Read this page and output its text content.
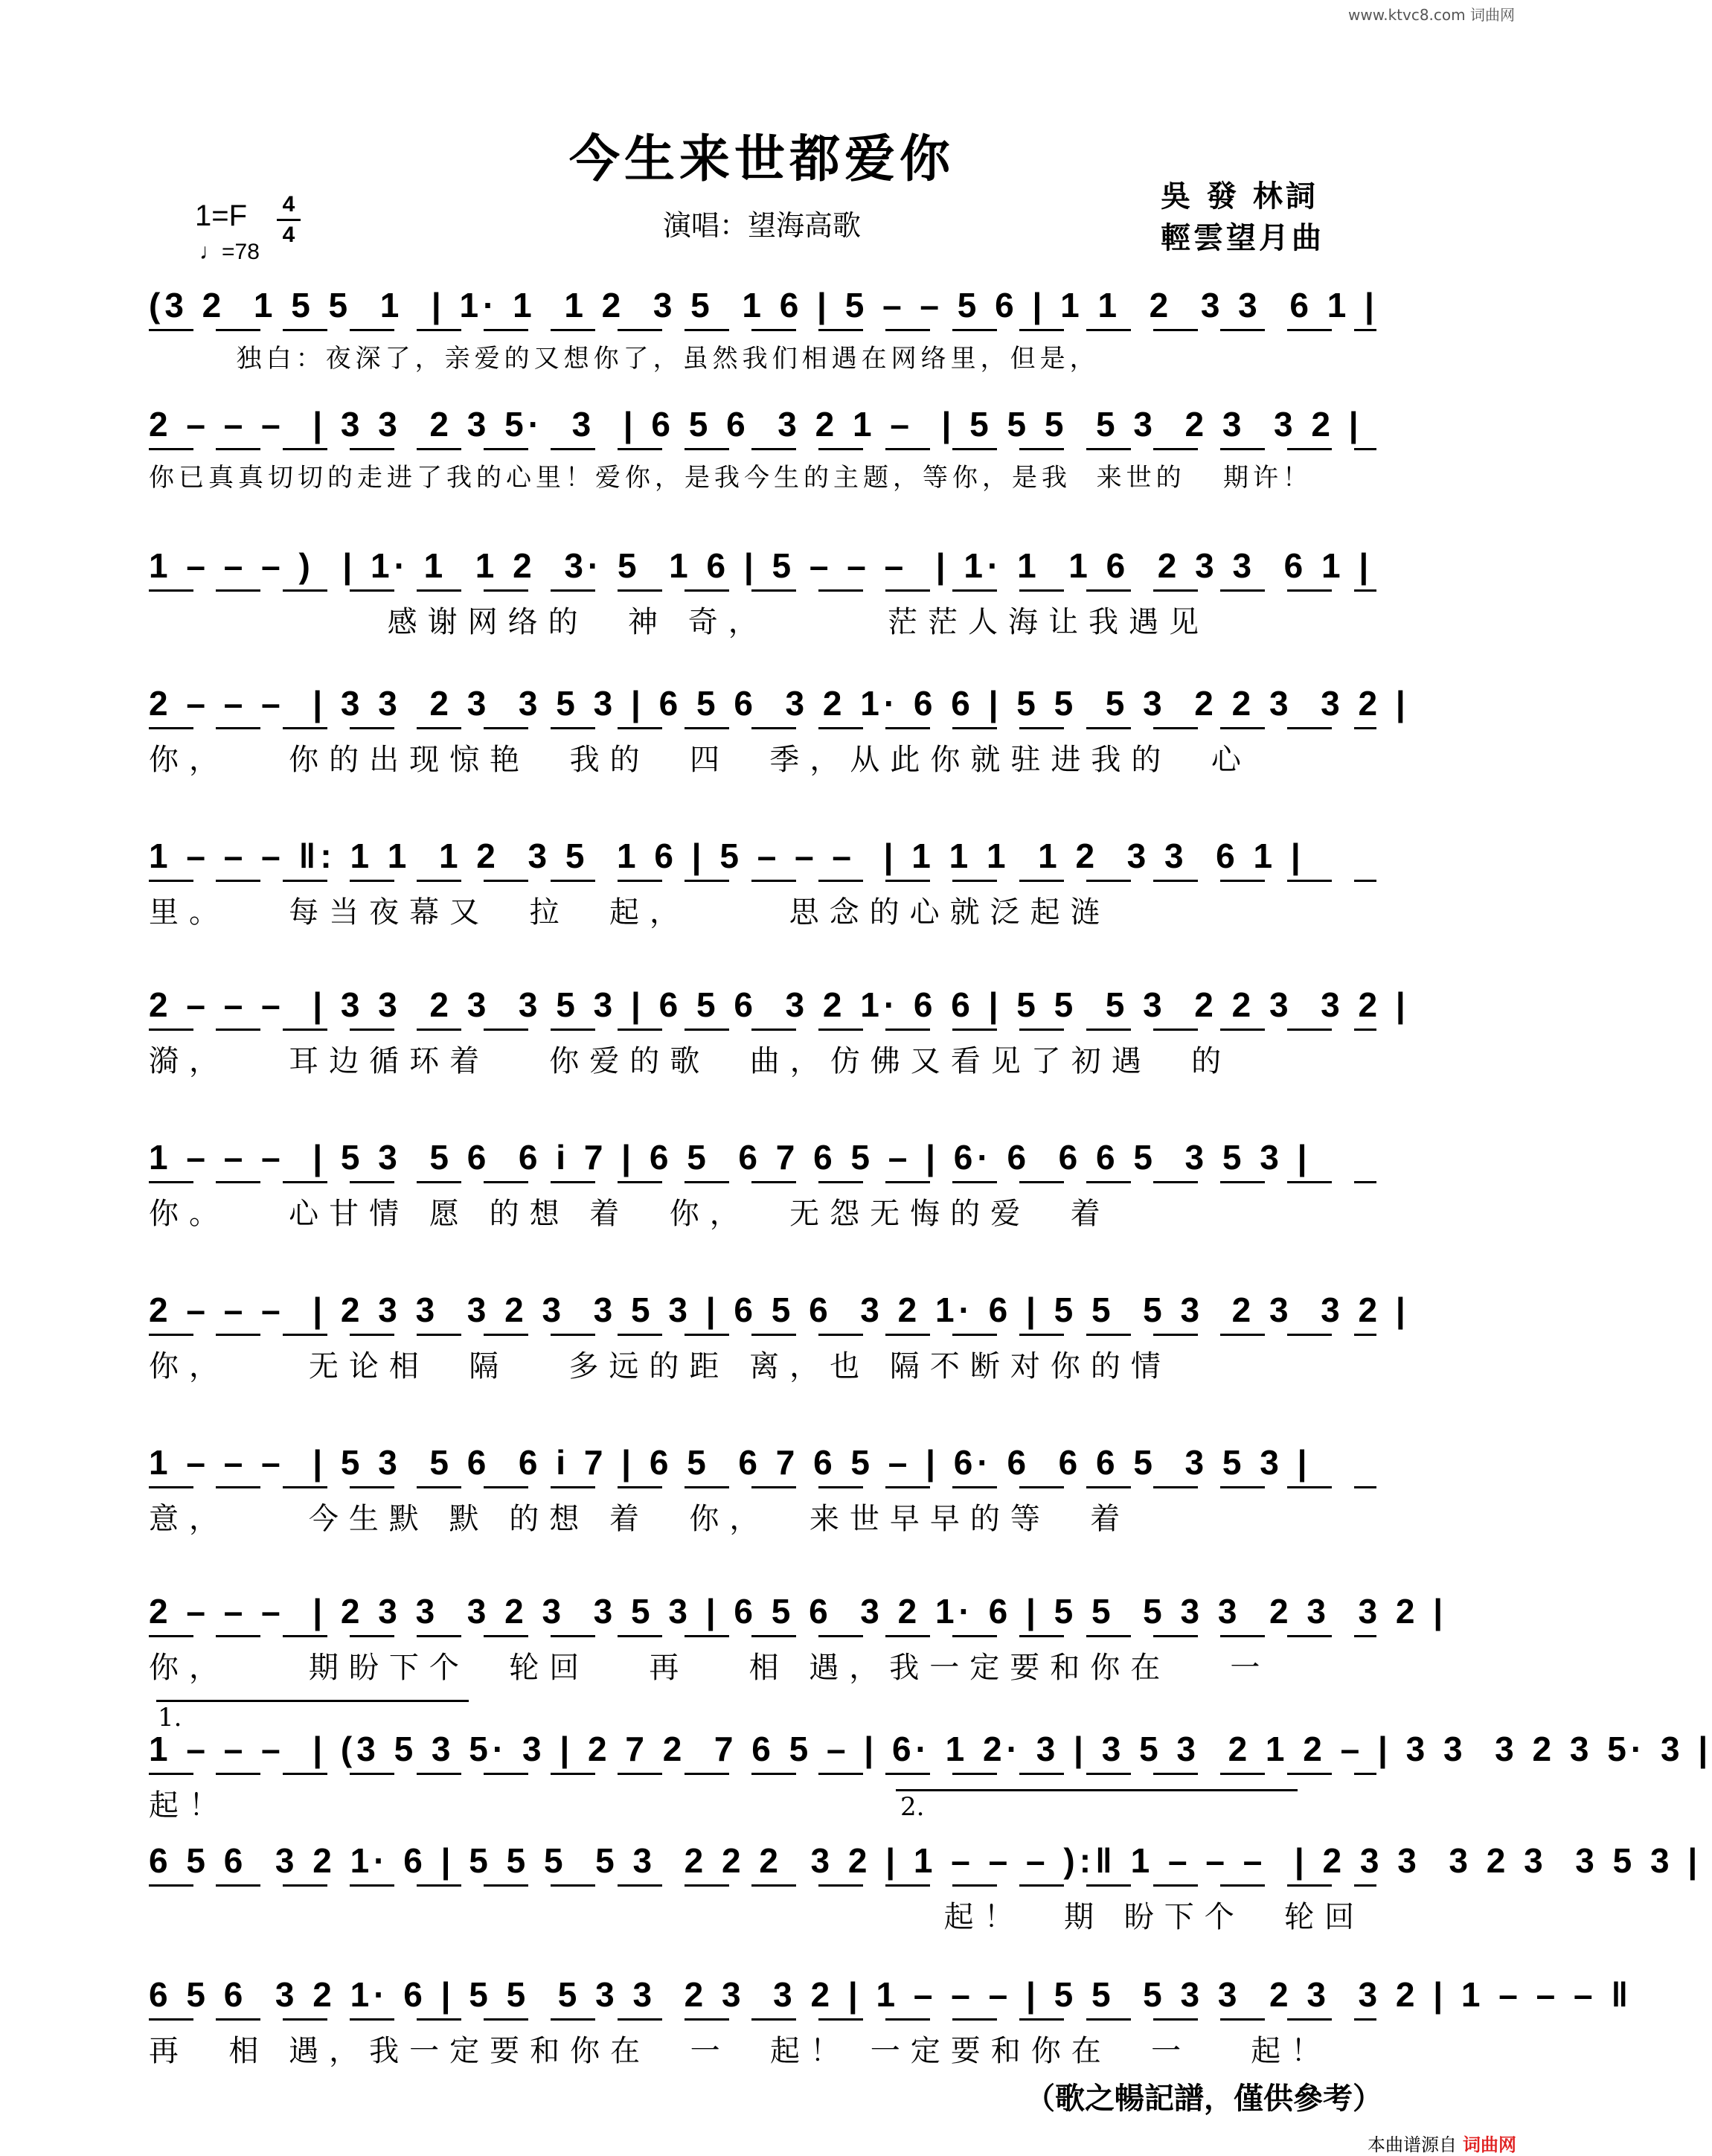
www.ktvc8.com 词曲网
今生来世都爱你
演唱：望海高歌
吳 發 林詞
輕雲望月曲
1=F	4
4
♩=78
(3 2  1 5 5  1  | 1· 1  1 2  3 5  1 6 | 5 – – 5 6 | 1 1  2  3 3  6 1 |
独白：夜深了，亲爱的又想你了，虽然我们相遇在网络里，但是，
2 – – –  | 3 3  2 3 5·  3  | 6 5 6  3 2 1 –  | 5 5 5  5 3  2 3  3 2 |
你已真真切切的走进了我的心里！爱你，是我今生的主题，等你，是我  来世的   期许！
1 – – – )  | 1· 1  1 2  3· 5  1 6 | 5 – – –  | 1· 1  1 6  2 3 3  6 1 |
感谢网络的  神 奇，      茫茫人海让我遇见
2 – – –  | 3 3  2 3  3 5 3 | 6 5 6  3 2 1· 6 6 | 5 5  5 3  2 2 3  3 2 |
你，   你的出现惊艳  我的  四  季，从此你就驻进我的  心
1 – – – ‖: 1 1  1 2  3 5  1 6 | 5 – – –  | 1 1 1  1 2  3 3  6 1 |
里。   每当夜幕又  拉  起，     思念的心就泛起涟
2 – – –  | 3 3  2 3  3 5 3 | 6 5 6  3 2 1· 6 6 | 5 5  5 3  2 2 3  3 2 |
漪，   耳边循环着   你爱的歌  曲，仿佛又看见了初遇  的
1 – – –  | 5 3  5 6  6 i 7 | 6 5  6 7 6 5 – | 6· 6  6 6 5  3 5 3 |
你。   心甘情 愿 的想 着  你，  无怨无悔的爱  着
2 – – –  | 2 3 3  3 2 3  3 5 3 | 6 5 6  3 2 1· 6 | 5 5  5 3  2 3  3 2 |
你，    无论相  隔   多远的距 离，也 隔不断对你的情
1 – – –  | 5 3  5 6  6 i 7 | 6 5  6 7 6 5 – | 6· 6  6 6 5  3 5 3 |
意，    今生默 默 的想 着  你，  来世早早的等  着
2 – – –  | 2 3 3  3 2 3  3 5 3 | 6 5 6  3 2 1· 6 | 5 5  5 3 3  2 3  3 2 |
你，    期盼下个  轮回   再   相 遇，我一定要和你在   一
1 – – –  | (3 5 3 5· 3 | 2 7 2  7 6 5 – | 6· 1 2· 3 | 3 5 3  2 1 2 – | 3 3  3 2 3 5· 3 |
起！
6 5 6  3 2 1· 6 | 5 5 5  5 3  2 2 2  3 2 | 1 – – – ):‖ 1 – – –  | 2 3 3  3 2 3  3 5 3 |
起！  期 盼下个  轮回
6 5 6  3 2 1· 6 | 5 5  5 3 3  2 3  3 2 | 1 – – – | 5 5  5 3 3  2 3  3 2 | 1 – – – ‖
再  相 遇，我一定要和你在  一  起！ 一定要和你在  一   起！
1.
2.
（歌之暢記譜，僅供參考）
本曲谱源自 词曲网
